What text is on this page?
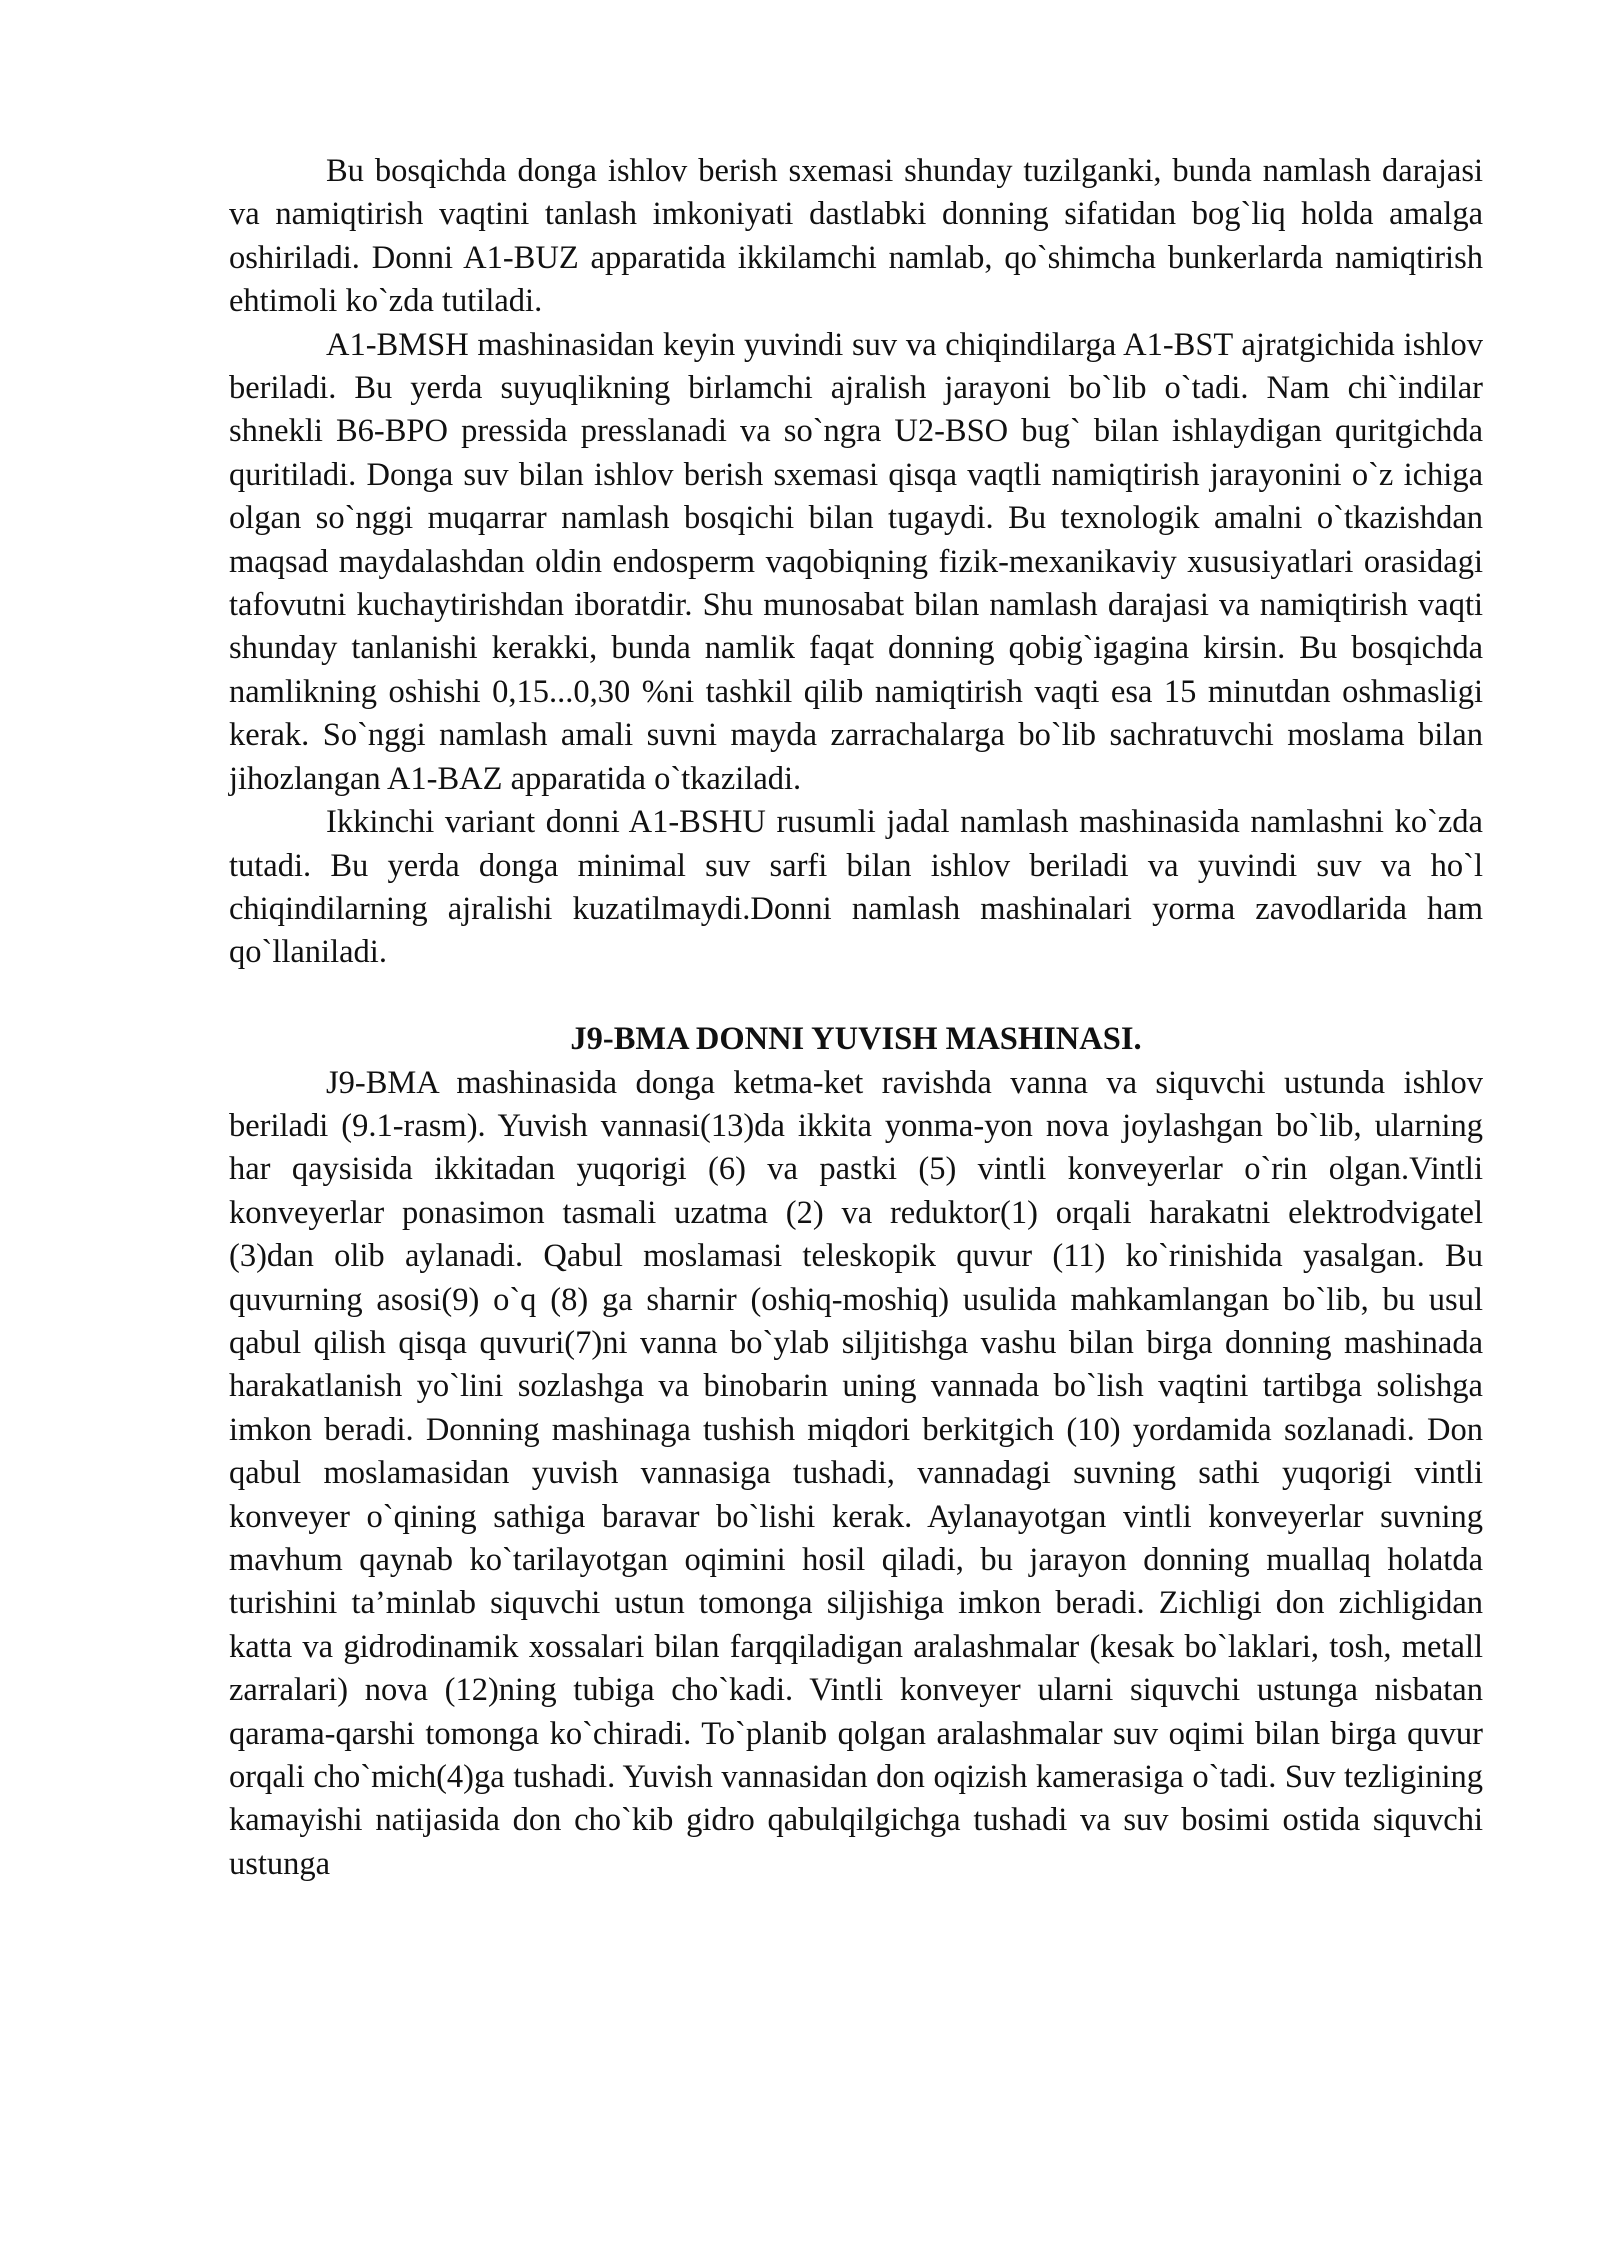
Bu bosqichda donga ishlov berish sxemasi shunday tuzilganki, bunda namlash darajasi va namiqtirish vaqtini tanlash imkoniyati dastlabki donning sifatidan bog`liq holda amalga oshiriladi. Donni A1-BUZ apparatida ikkilamchi namlab, qo`shimcha bunkerlarda namiqtirish ehtimoli ko`zda tutiladi.

A1-BMSH mashinasidan keyin yuvindi suv va chiqindilarga A1-BST ajratgichida ishlov beriladi. Bu yerda suyuqlikning birlamchi ajralish jarayoni bo`lib o`tadi. Nam chi`indilar shnekli B6-BPO pressida presslanadi va so`ngra U2-BSO bug` bilan ishlaydigan quritgichda quritiladi. Donga suv bilan ishlov berish sxemasi qisqa vaqtli namiqtirish jarayonini o`z ichiga olgan so`nggi muqarrar namlash bosqichi bilan tugaydi. Bu texnologik amalni o`tkazishdan maqsad maydalashdan oldin endosperm vaqobiqning fizik-mexanikaviy xususiyatlari orasidagi tafovutni kuchaytirishdan iboratdir. Shu munosabat bilan namlash darajasi va namiqtirish vaqti shunday tanlanishi kerakki, bunda namlik faqat donning qobig`igagina kirsin. Bu bosqichda namlikning oshishi 0,15...0,30 %ni tashkil qilib namiqtirish vaqti esa 15 minutdan oshmasligi kerak. So`nggi namlash amali suvni mayda zarrachalarga bo`lib sachratuvchi moslama bilan jihozlangan A1-BAZ apparatida o`tkaziladi.

Ikkinchi variant donni A1-BSHU rusumli jadal namlash mashinasida namlashni ko`zda tutadi. Bu yerda donga minimal suv sarfi bilan ishlov beriladi va yuvindi suv va ho`l chiqindilarning ajralishi kuzatilmaydi.Donni namlash mashinalari yorma zavodlarida ham qo`llaniladi.

J9-BMA DONNI YUVISH MASHINASI.

J9-BMA mashinasida donga ketma-ket ravishda vanna va siquvchi ustunda ishlov beriladi (9.1-rasm). Yuvish vannasi(13)da ikkita yonma-yon nova joylashgan bo`lib, ularning har qaysisida ikkitadan yuqorigi (6) va pastki (5) vintli konveyerlar o`rin olgan.Vintli konveyerlar ponasimon tasmali uzatma (2) va reduktor(1) orqali harakatni elektrodvigatel (3)dan olib aylanadi. Qabul moslamasi teleskopik quvur (11) ko`rinishida yasalgan. Bu quvurning asosi(9) o`q (8) ga sharnir (oshiq-moshiq) usulida mahkamlangan bo`lib, bu usul qabul qilish qisqa quvuri(7)ni vanna bo`ylab siljitishga vashu bilan birga donning mashinada harakatlanish yo`lini sozlashga va binobarin uning vannada bo`lish vaqtini tartibga solishga imkon beradi. Donning mashinaga tushish miqdori berkitgich (10) yordamida sozlanadi. Don qabul moslamasidan yuvish vannasiga tushadi, vannadagi suvning sathi yuqorigi vintli konveyer o`qining sathiga baravar bo`lishi kerak. Aylanayotgan vintli konveyerlar suvning mavhum qaynab ko`tarilayotgan oqimini hosil qiladi, bu jarayon donning muallaq holatda turishini ta’minlab siquvchi ustun tomonga siljishiga imkon beradi. Zichligi don zichligidan katta va gidrodinamik xossalari bilan farqqiladigan aralashmalar (kesak bo`laklari, tosh, metall zarralari) nova (12)ning tubiga cho`kadi. Vintli konveyer ularni siquvchi ustunga nisbatan qarama-qarshi tomonga ko`chiradi. To`planib qolgan aralashmalar suv oqimi bilan birga quvur orqali cho`mich(4)ga tushadi. Yuvish vannasidan don oqizish kamerasiga o`tadi. Suv tezligining kamayishi natijasida don cho`kib gidro qabulqilgichga tushadi va suv bosimi ostida siquvchi ustunga
